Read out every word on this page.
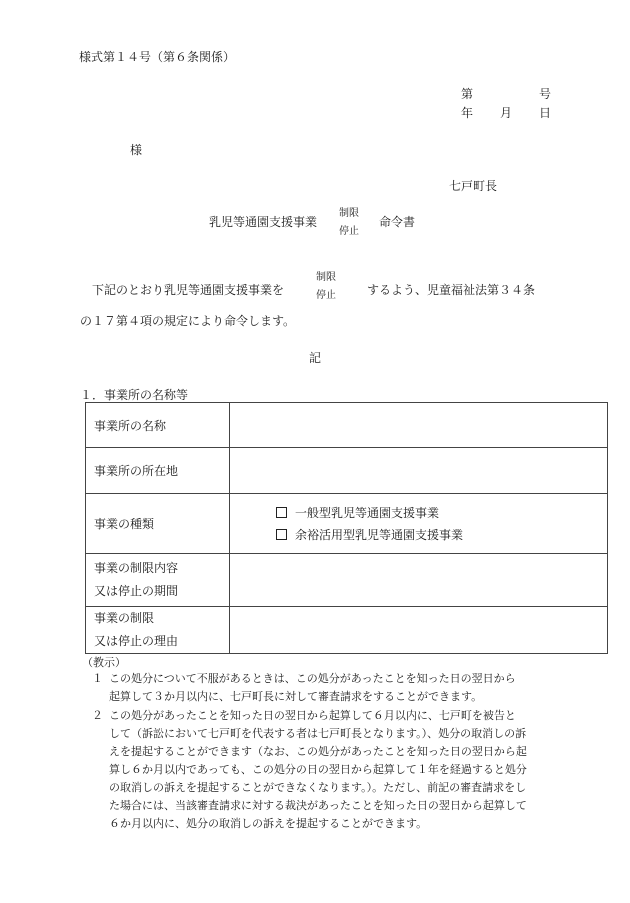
様式第１４号（第６条関係）
第	号
年 月 日
様
七戸町長
乳児等通園支援事業
制限
停止
命令書
下記のとおり乳児等通園支援事業を
制限
停止	するよう、児童福祉法第３４条
の１７第４項の規定により命令します。
記
１．事業所の名称等
事業所の名称	
事業所の所在地	
事業の種類	一般型乳児等通園支援事業
余裕活用型乳児等通園支援事業

事業の制限内容
又は停止の期間	

事業の制限
又は停止の理由	

（教示）
１ この処分について不服があるときは、この処分があったことを知った日の翌日から
起算して３か月以内に、七戸町長に対して審査請求をすることができます。
２ この処分があったことを知った日の翌日から起算して６月以内に、七戸町を被告と
して（訴訟において七戸町を代表する者は七戸町長となります。）、処分の取消しの訴
えを提起することができます（なお、この処分があったことを知った日の翌日から起
算し６か月以内であっても、この処分の日の翌日から起算して１年を経過すると処分
の取消しの訴えを提起することができなくなります。）。ただし、前記の審査請求をし
た場合には、当該審査請求に対する裁決があったことを知った日の翌日から起算して
６か月以内に、処分の取消しの訴えを提起することができます。
